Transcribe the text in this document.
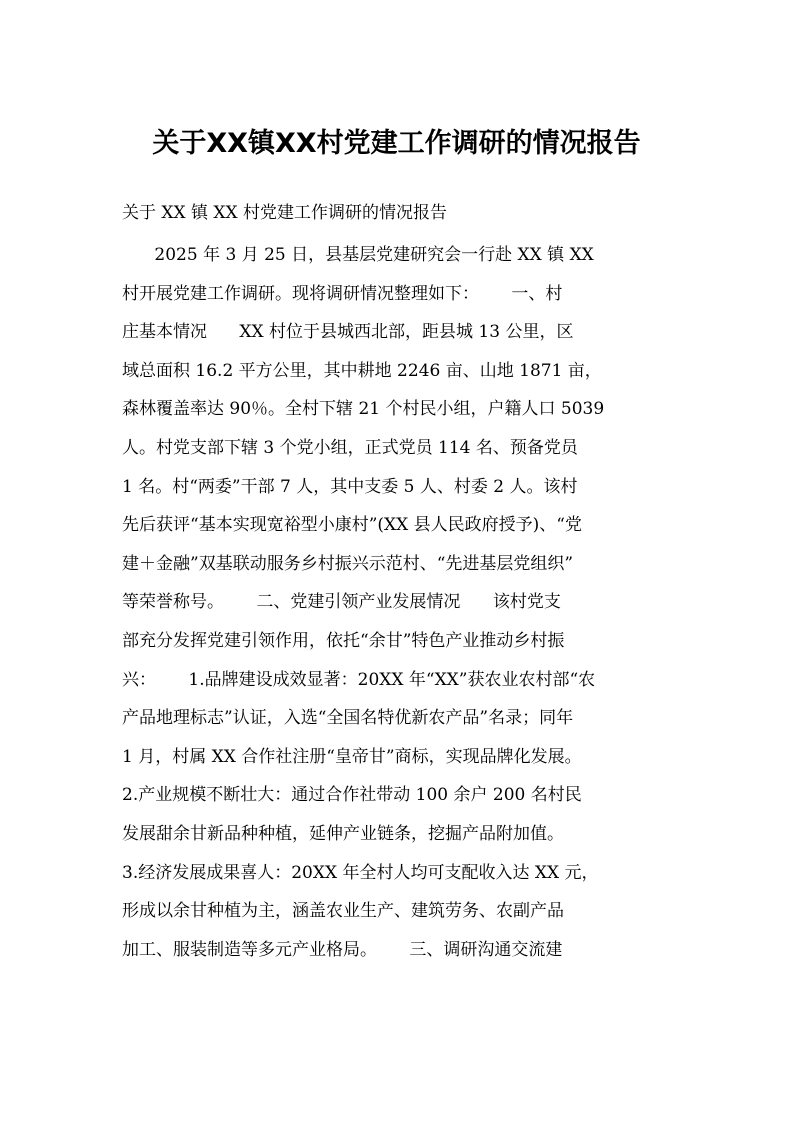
关于XX镇XX村党建工作调研的情况报告

关于 XX 镇 XX 村党建工作调研的情况报告

2025 年 3 月 25 日，县基层党建研究会一行赴 XX 镇 XX
村开展党建工作调研。现将调研情况整理如下：      一、村
庄基本情况      XX 村位于县城西北部，距县城 13 公里，区
域总面积 16.2 平方公里，其中耕地 2246 亩、山地 1871 亩，
森林覆盖率达 90％。全村下辖 21 个村民小组，户籍人口 5039
人。村党支部下辖 3 个党小组，正式党员 114 名、预备党员
1 名。村“两委”干部 7 人，其中支委 5 人、村委 2 人。该村
先后获评“基本实现宽裕型小康村”(XX 县人民政府授予)、“党
建＋金融”双基联动服务乡村振兴示范村、“先进基层党组织”
等荣誉称号。      二、党建引领产业发展情况      该村党支
部充分发挥党建引领作用，依托“余甘”特色产业推动乡村振
兴：      1.品牌建设成效显著：20XX 年“XX”获农业农村部“农
产品地理标志”认证，入选“全国名特优新农产品”名录；同年
1 月，村属 XX 合作社注册“皇帝甘”商标，实现品牌化发展。
2.产业规模不断壮大：通过合作社带动 100 余户 200 名村民
发展甜余甘新品种种植，延伸产业链条，挖掘产品附加值。
3.经济发展成果喜人：20XX 年全村人均可支配收入达 XX 元，
形成以余甘种植为主，涵盖农业生产、建筑劳务、农副产品
加工、服装制造等多元产业格局。      三、调研沟通交流建
